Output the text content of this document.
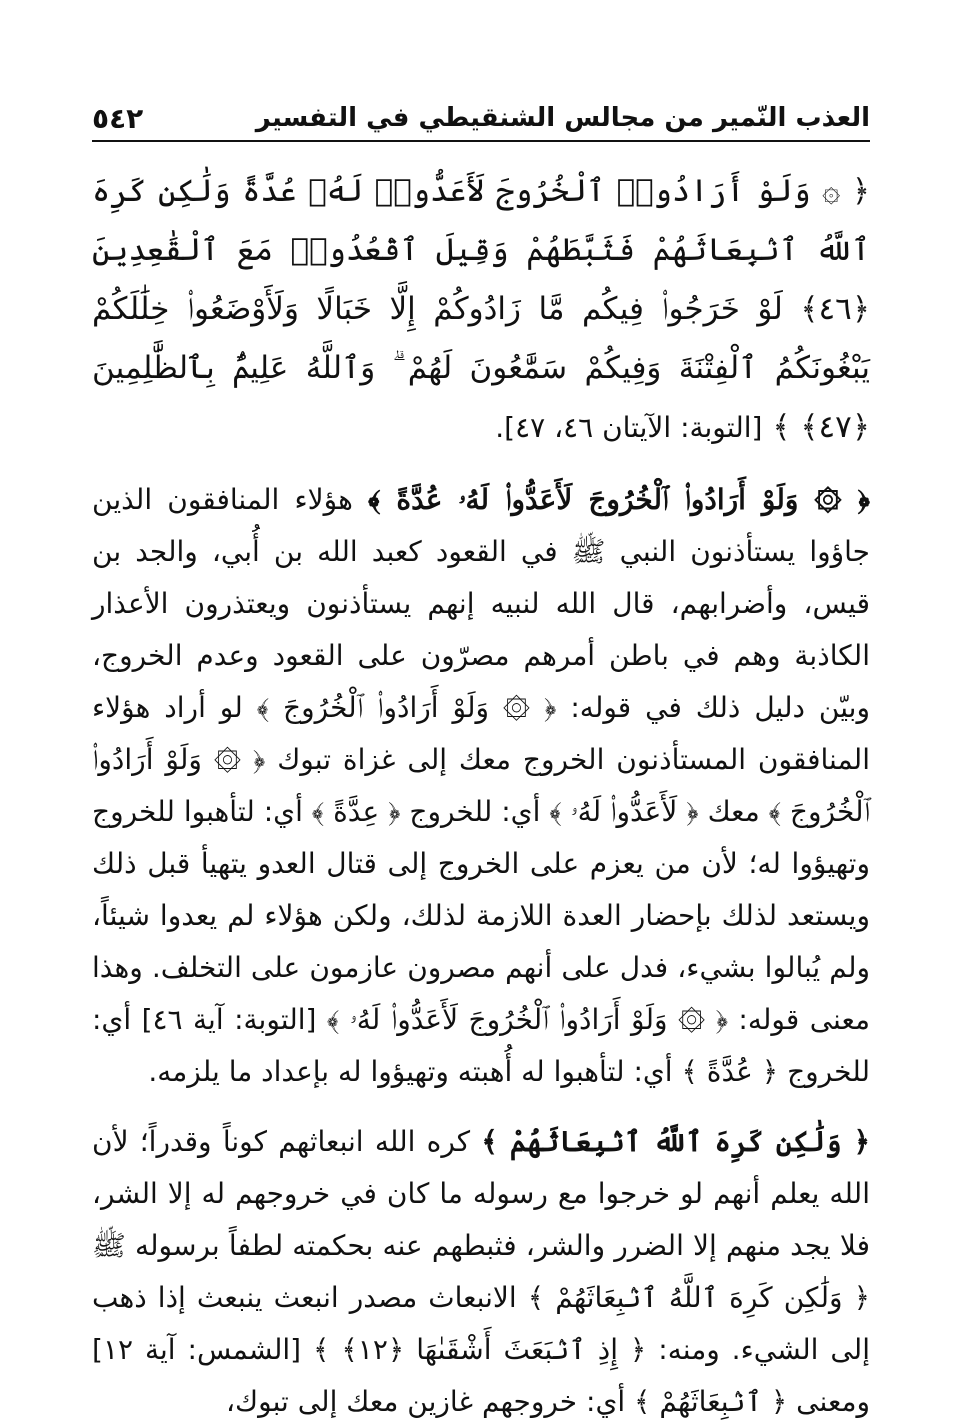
العذب النّمير من مجالس الشنقيطي في التفسير
٥٤٢
﴿ ۞ وَلَوْ أَرَادُوا۟ ٱلْخُرُوجَ لَأَعَدُّوا۟ لَهُۥ عُدَّةً وَلَٰكِن كَرِهَ ٱللَّهُ ٱنۢبِعَاثَهُمْ فَثَبَّطَهُمْ وَقِيلَ ٱقْعُدُوا۟ مَعَ ٱلْقَٰعِدِينَ ﴿٤٦﴾ لَوْ خَرَجُوا۟ فِيكُم مَّا زَادُوكُمْ إِلَّا خَبَالًا وَلَأَوْضَعُوا۟ خِلَٰلَكُمْ يَبْغُونَكُمُ ٱلْفِتْنَةَ وَفِيكُمْ سَمَّٰعُونَ لَهُمْ ۗ وَٱللَّهُ عَلِيمٌۢ بِٱلظَّٰلِمِينَ ﴿٤٧﴾ ﴾ [التوبة: الآيتان ٤٦، ٤٧].
﴿ ۞ وَلَوْ أَرَادُوا۟ ٱلْخُرُوجَ لَأَعَدُّوا۟ لَهُۥ عُدَّةً ﴾ هؤلاء المنافقون الذين جاؤوا يستأذنون النبي ﷺ في القعود كعبد الله بن أُبي، والجد بن قيس، وأضرابهم، قال الله لنبيه إنهم يستأذنون ويعتذرون الأعذار الكاذبة وهم في باطن أمرهم مصرّون على القعود وعدم الخروج، وبيّن دليل ذلك في قوله: ﴿ ۞ وَلَوْ أَرَادُوا۟ ٱلْخُرُوجَ ﴾ لو أراد هؤلاء المنافقون المستأذنون الخروج معك إلى غزاة تبوك ﴿ ۞ وَلَوْ أَرَادُوا۟ ٱلْخُرُوجَ ﴾ معك ﴿ لَأَعَدُّوا۟ لَهُۥ ﴾ أي: للخروج ﴿ عِدَّةً ﴾ أي: لتأهبوا للخروج وتهيؤوا له؛ لأن من يعزم على الخروج إلى قتال العدو يتهيأ قبل ذلك ويستعد لذلك بإحضار العدة اللازمة لذلك، ولكن هؤلاء لم يعدوا شيئاً، ولم يُبالوا بشيء، فدل على أنهم مصرون عازمون على التخلف. وهذا معنى قوله: ﴿ ۞ وَلَوْ أَرَادُوا۟ ٱلْخُرُوجَ لَأَعَدُّوا۟ لَهُۥ ﴾ [التوبة: آية ٤٦] أي: للخروج ﴿ عُدَّةً ﴾ أي: لتأهبوا له أُهبته وتهيؤوا له بإعداد ما يلزمه.
﴿ وَلَٰكِن كَرِهَ ٱللَّهُ ٱنۢبِعَاثَهُمْ ﴾ كره الله انبعاثهم كوناً وقدراً؛ لأن الله يعلم أنهم لو خرجوا مع رسوله ما كان في خروجهم له إلا الشر، فلا يجد منهم إلا الضرر والشر، فثبطهم عنه بحكمته لطفاً برسوله ﷺ ﴿ وَلَٰكِن كَرِهَ ٱللَّهُ ٱنۢبِعَاثَهُمْ ﴾ الانبعاث مصدر انبعث ينبعث إذا ذهب إلى الشيء. ومنه: ﴿ إِذِ ٱنۢبَعَثَ أَشْقَىٰهَا ﴿١٢﴾ ﴾ [الشمس: آية ١٢] ومعنى ﴿ ٱنۢبِعَاثَهُمْ ﴾ أي: خروجهم غازين معك إلى تبوك،
